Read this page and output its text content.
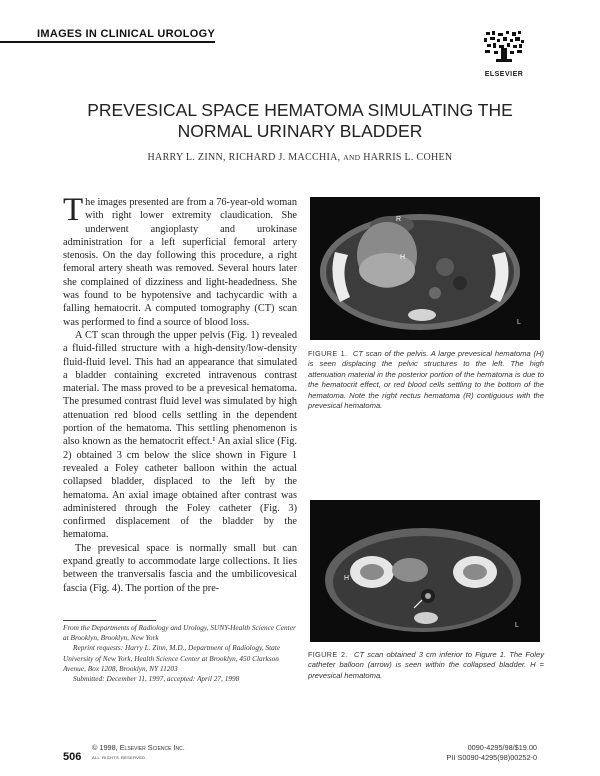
IMAGES IN CLINICAL UROLOGY
ELSEVIER
PREVESICAL SPACE HEMATOMA SIMULATING THE
NORMAL URINARY BLADDER
HARRY L. ZINN, RICHARD J. MACCHIA, AND HARRIS L. COHEN

The images presented are from a 76-year-old woman with right lower extremity claudication. She underwent angioplasty and urokinase administration for a left superficial femoral artery stenosis. On the day following this procedure, a right femoral artery sheath was removed. Several hours later she complained of dizziness and light-headedness. She was found to be hypotensive and tachycardic with a falling hematocrit. A computed tomography (CT) scan was performed to find a source of blood loss.

A CT scan through the upper pelvis (Fig. 1) revealed a fluid-filled structure with a high-density/low-density fluid-fluid level. This had an appearance that simulated a bladder containing excreted intravenous contrast material. The mass proved to be a prevesical hematoma. The presumed contrast fluid level was simulated by high attenuation red blood cells settling in the dependent portion of the hematoma. This settling phenomenon is also known as the hematocrit effect.¹ An axial slice (Fig. 2) obtained 3 cm below the slice shown in Figure 1 revealed a Foley catheter balloon within the actual collapsed bladder, displaced to the left by the hematoma. An axial image obtained after contrast was administered through the Foley catheter (Fig. 3) confirmed displacement of the bladder by the hematoma.

The prevesical space is normally small but can expand greatly to accommodate large collections. It lies between the tranversalis fascia and the umbilicovesical fascia (Fig. 4). The portion of the pre-

R
H
L
FIGURE 1. CT scan of the pelvis. A large prevesical hematoma (H) is seen displacing the pelvic structures to the left. The high attenuation material in the posterior portion of the hematoma is due to the hematocrit effect, or red blood cells settling to the bottom of the hematoma. Note the right rectus hematoma (R) contiguous with the prevesical hematoma.
H
L
FIGURE 2. CT scan obtained 3 cm inferior to Figure 1. The Foley catheter balloon (arrow) is seen within the collapsed bladder. H = prevesical hematoma.

From the Departments of Radiology and Urology, SUNY-Health Science Center at Brooklyn, Brooklyn, New York

Reprint requests: Harry L. Zinn, M.D., Department of Radiology, State University of New York, Health Science Center at Brooklyn, 450 Clarkson Avenue, Box 1208, Brooklyn, NY 11203

Submitted: December 11, 1997, accepted: April 27, 1998

506
© 1998, Elsevier Science Inc.
all rights reserved
0090-4295/98/$19.00
PII S0090-4295(98)00252-0
